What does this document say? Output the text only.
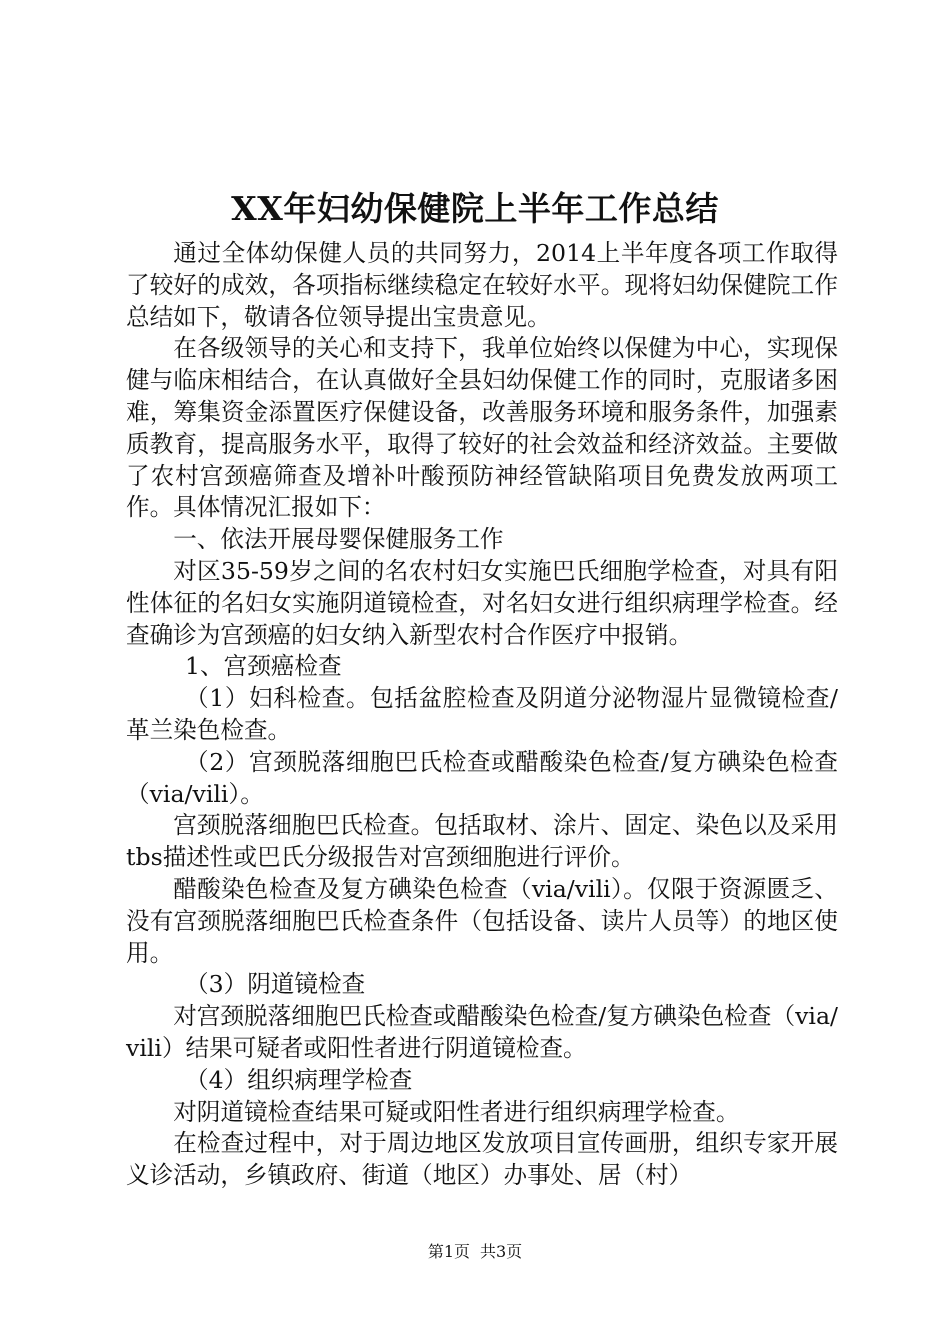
XX年妇幼保健院上半年工作总结

通过全体幼保健人员的共同努力，2014上半年度各项工作取得了较好的成效，各项指标继续稳定在较好水平。现将妇幼保健院工作总结如下，敬请各位领导提出宝贵意见。

在各级领导的关心和支持下，我单位始终以保健为中心，实现保健与临床相结合，在认真做好全县妇幼保健工作的同时，克服诸多困难，筹集资金添置医疗保健设备，改善服务环境和服务条件，加强素质教育，提高服务水平，取得了较好的社会效益和经济效益。主要做了农村宫颈癌筛查及增补叶酸预防神经管缺陷项目免费发放两项工作。具体情况汇报如下：

一、依法开展母婴保健服务工作

对区35-59岁之间的名农村妇女实施巴氏细胞学检查，对具有阳性体征的名妇女实施阴道镜检查，对名妇女进行组织病理学检查。经查确诊为宫颈癌的妇女纳入新型农村合作医疗中报销。

1、宫颈癌检查

（1）妇科检查。包括盆腔检查及阴道分泌物湿片显微镜检查/革兰染色检查。

（2）宫颈脱落细胞巴氏检查或醋酸染色检查/复方碘染色检查（via/vili）。

宫颈脱落细胞巴氏检查。包括取材、涂片、固定、染色以及采用tbs描述性或巴氏分级报告对宫颈细胞进行评价。

醋酸染色检查及复方碘染色检查（via/vili）。仅限于资源匮乏、没有宫颈脱落细胞巴氏检查条件（包括设备、读片人员等）的地区使用。

（3）阴道镜检查

对宫颈脱落细胞巴氏检查或醋酸染色检查/复方碘染色检查（via/vili）结果可疑者或阳性者进行阴道镜检查。

（4）组织病理学检查

对阴道镜检查结果可疑或阳性者进行组织病理学检查。

在检查过程中，对于周边地区发放项目宣传画册，组织专家开展义诊活动，乡镇政府、街道（地区）办事处、居（村）

第1页 共3页
